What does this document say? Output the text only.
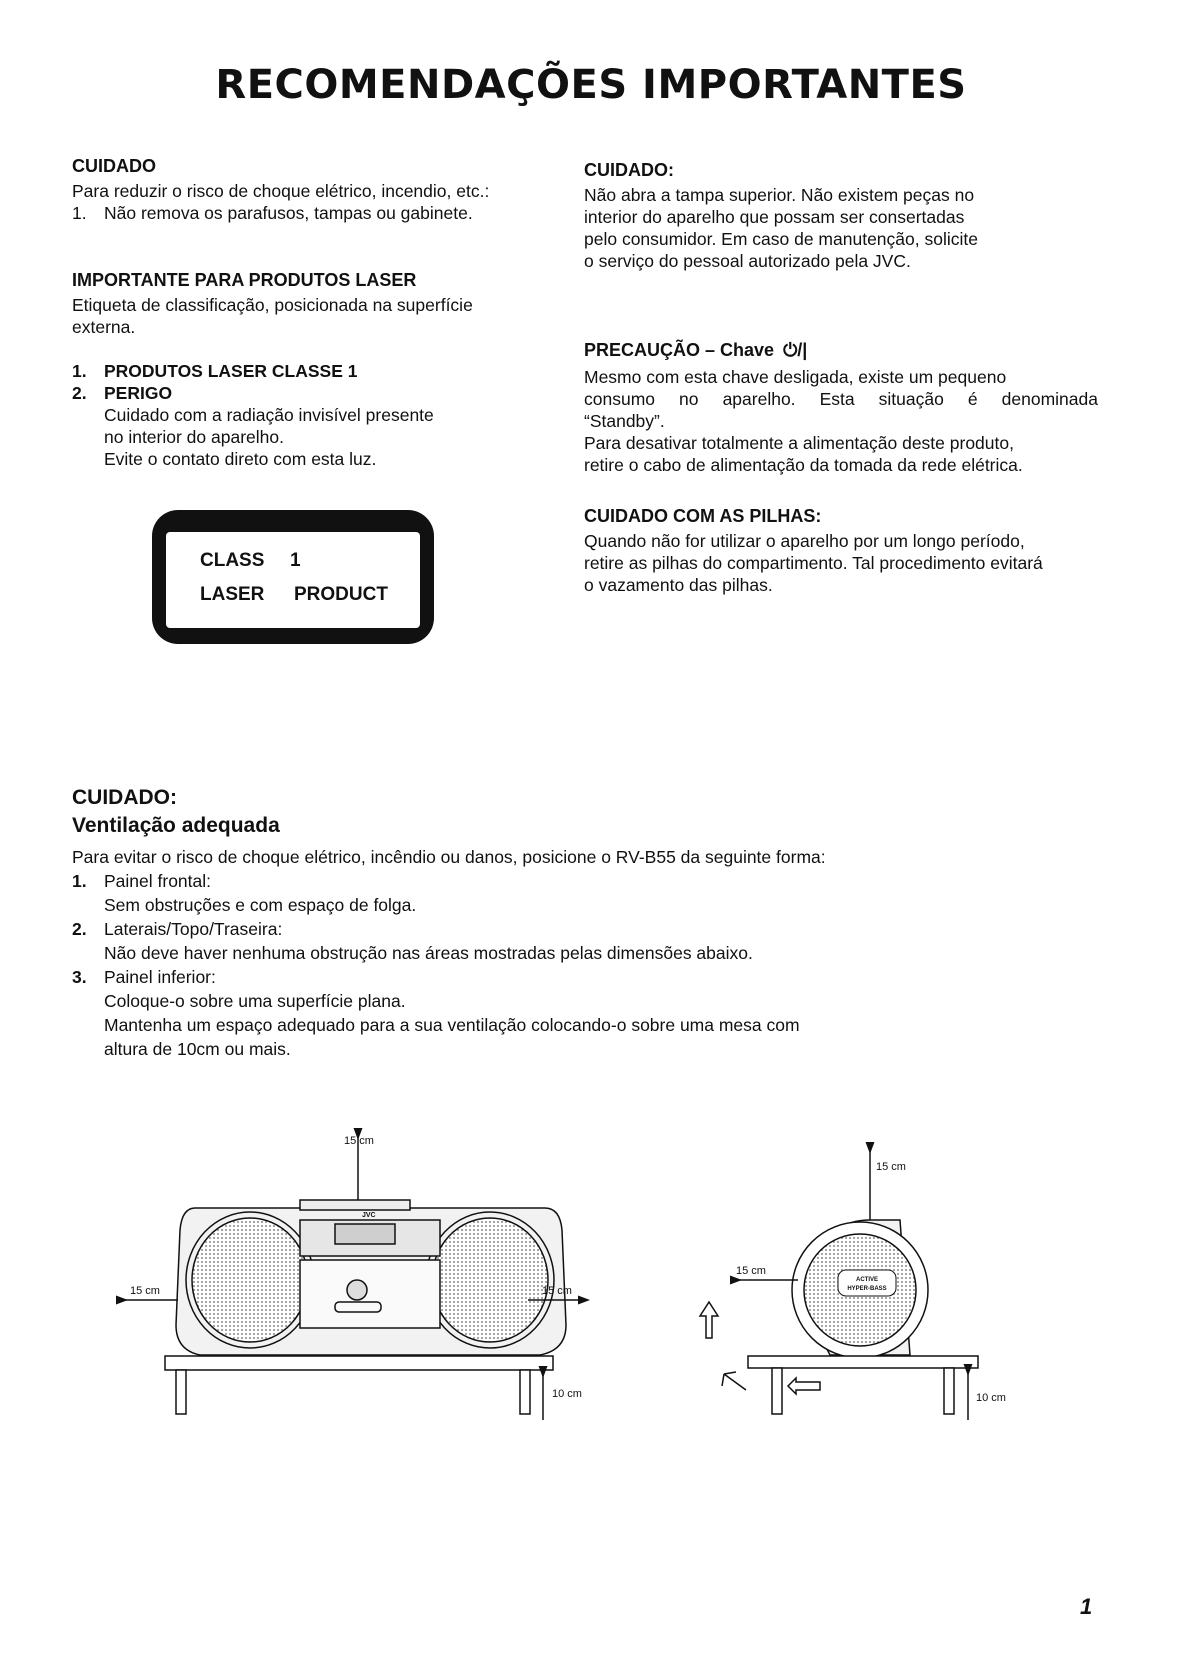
RECOMENDAÇÕES IMPORTANTES
CUIDADO
Para reduzir o risco de choque elétrico, incendio, etc.:
1. Não remova os parafusos, tampas ou gabinete.
IMPORTANTE PARA PRODUTOS LASER
Etiqueta de classificação, posicionada na superfície
externa.
1. PRODUTOS LASER CLASSE 1
2. PERIGO
Cuidado com a radiação invisível presente
no interior do aparelho.
Evite o contato direto com esta luz.
CLASS 1
LASER PRODUCT
CUIDADO:
Não abra a tampa superior. Não existem peças no
interior do aparelho que possam ser consertadas
pelo consumidor. Em caso de manutenção, solicite
o serviço do pessoal autorizado pela JVC.
PRECAUÇÃO – Chave ⏻/|
Mesmo com esta chave desligada, existe um pequeno
consumo no aparelho. Esta situação é denominada
“Standby”.
Para desativar totalmente a alimentação deste produto,
retire o cabo de alimentação da tomada da rede elétrica.
CUIDADO COM AS PILHAS:
Quando não for utilizar o aparelho por um longo período,
retire as pilhas do compartimento. Tal procedimento evitará
o vazamento das pilhas.
CUIDADO:
Ventilação adequada
Para evitar o risco de choque elétrico, incêndio ou danos, posicione o RV-B55 da seguinte forma:
1. Painel frontal:
Sem obstruções e com espaço de folga.
2. Laterais/Topo/Traseira:
Não deve haver nenhuma obstrução nas áreas mostradas pelas dimensões abaixo.
3. Painel inferior:
Coloque-o sobre uma superfície plana.
Mantenha um espaço adequado para a sua ventilação colocando-o sobre uma mesa com
altura de 10cm ou mais.
15 cm
JVC
15 cm	15 cm
10 cm
15 cm
15 cm
10 cm
ACTIVE
HYPER-BASS
1
